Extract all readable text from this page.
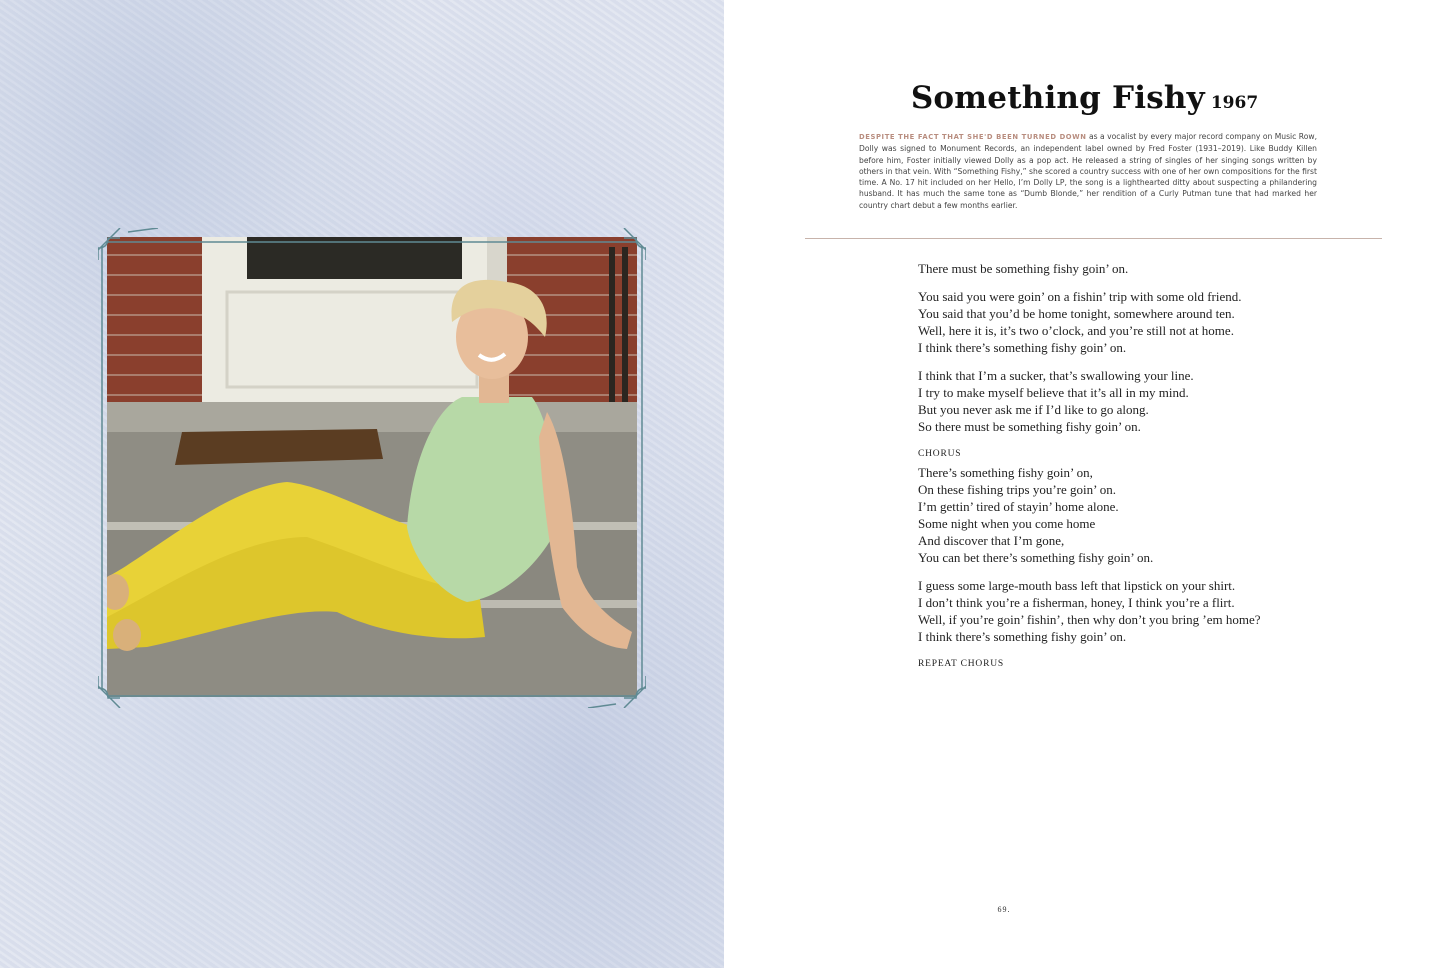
Something Fishy 1967
DESPITE THE FACT THAT SHE'D BEEN TURNED DOWN as a vocalist by every major record company on Music Row, Dolly was signed to Monument Records, an independent label owned by Fred Foster (1931–2019). Like Buddy Killen before him, Foster initially viewed Dolly as a pop act. He released a string of singles of her singing songs written by others in that vein. With “Something Fishy,” she scored a country success with one of her own compositions for the first time. A No. 17 hit included on her Hello, I’m Dolly LP, the song is a lighthearted ditty about suspecting a philandering husband. It has much the same tone as “Dumb Blonde,” her rendition of a Curly Putman tune that had marked her country chart debut a few months earlier.
There must be something fishy goin’ on.
You said you were goin’ on a fishin’ trip with some old friend.
You said that you’d be home tonight, somewhere around ten.
Well, here it is, it’s two o’clock, and you’re still not at home.
I think there’s something fishy goin’ on.
I think that I’m a sucker, that’s swallowing your line.
I try to make myself believe that it’s all in my mind.
But you never ask me if I’d like to go along.
So there must be something fishy goin’ on.
CHORUS
There’s something fishy goin’ on,
On these fishing trips you’re goin’ on.
I’m gettin’ tired of stayin’ home alone.
Some night when you come home
And discover that I’m gone,
You can bet there’s something fishy goin’ on.
I guess some large-mouth bass left that lipstick on your shirt.
I don’t think you’re a fisherman, honey, I think you’re a flirt.
Well, if you’re goin’ fishin’, then why don’t you bring ’em home?
I think there’s something fishy goin’ on.
REPEAT CHORUS
69.
